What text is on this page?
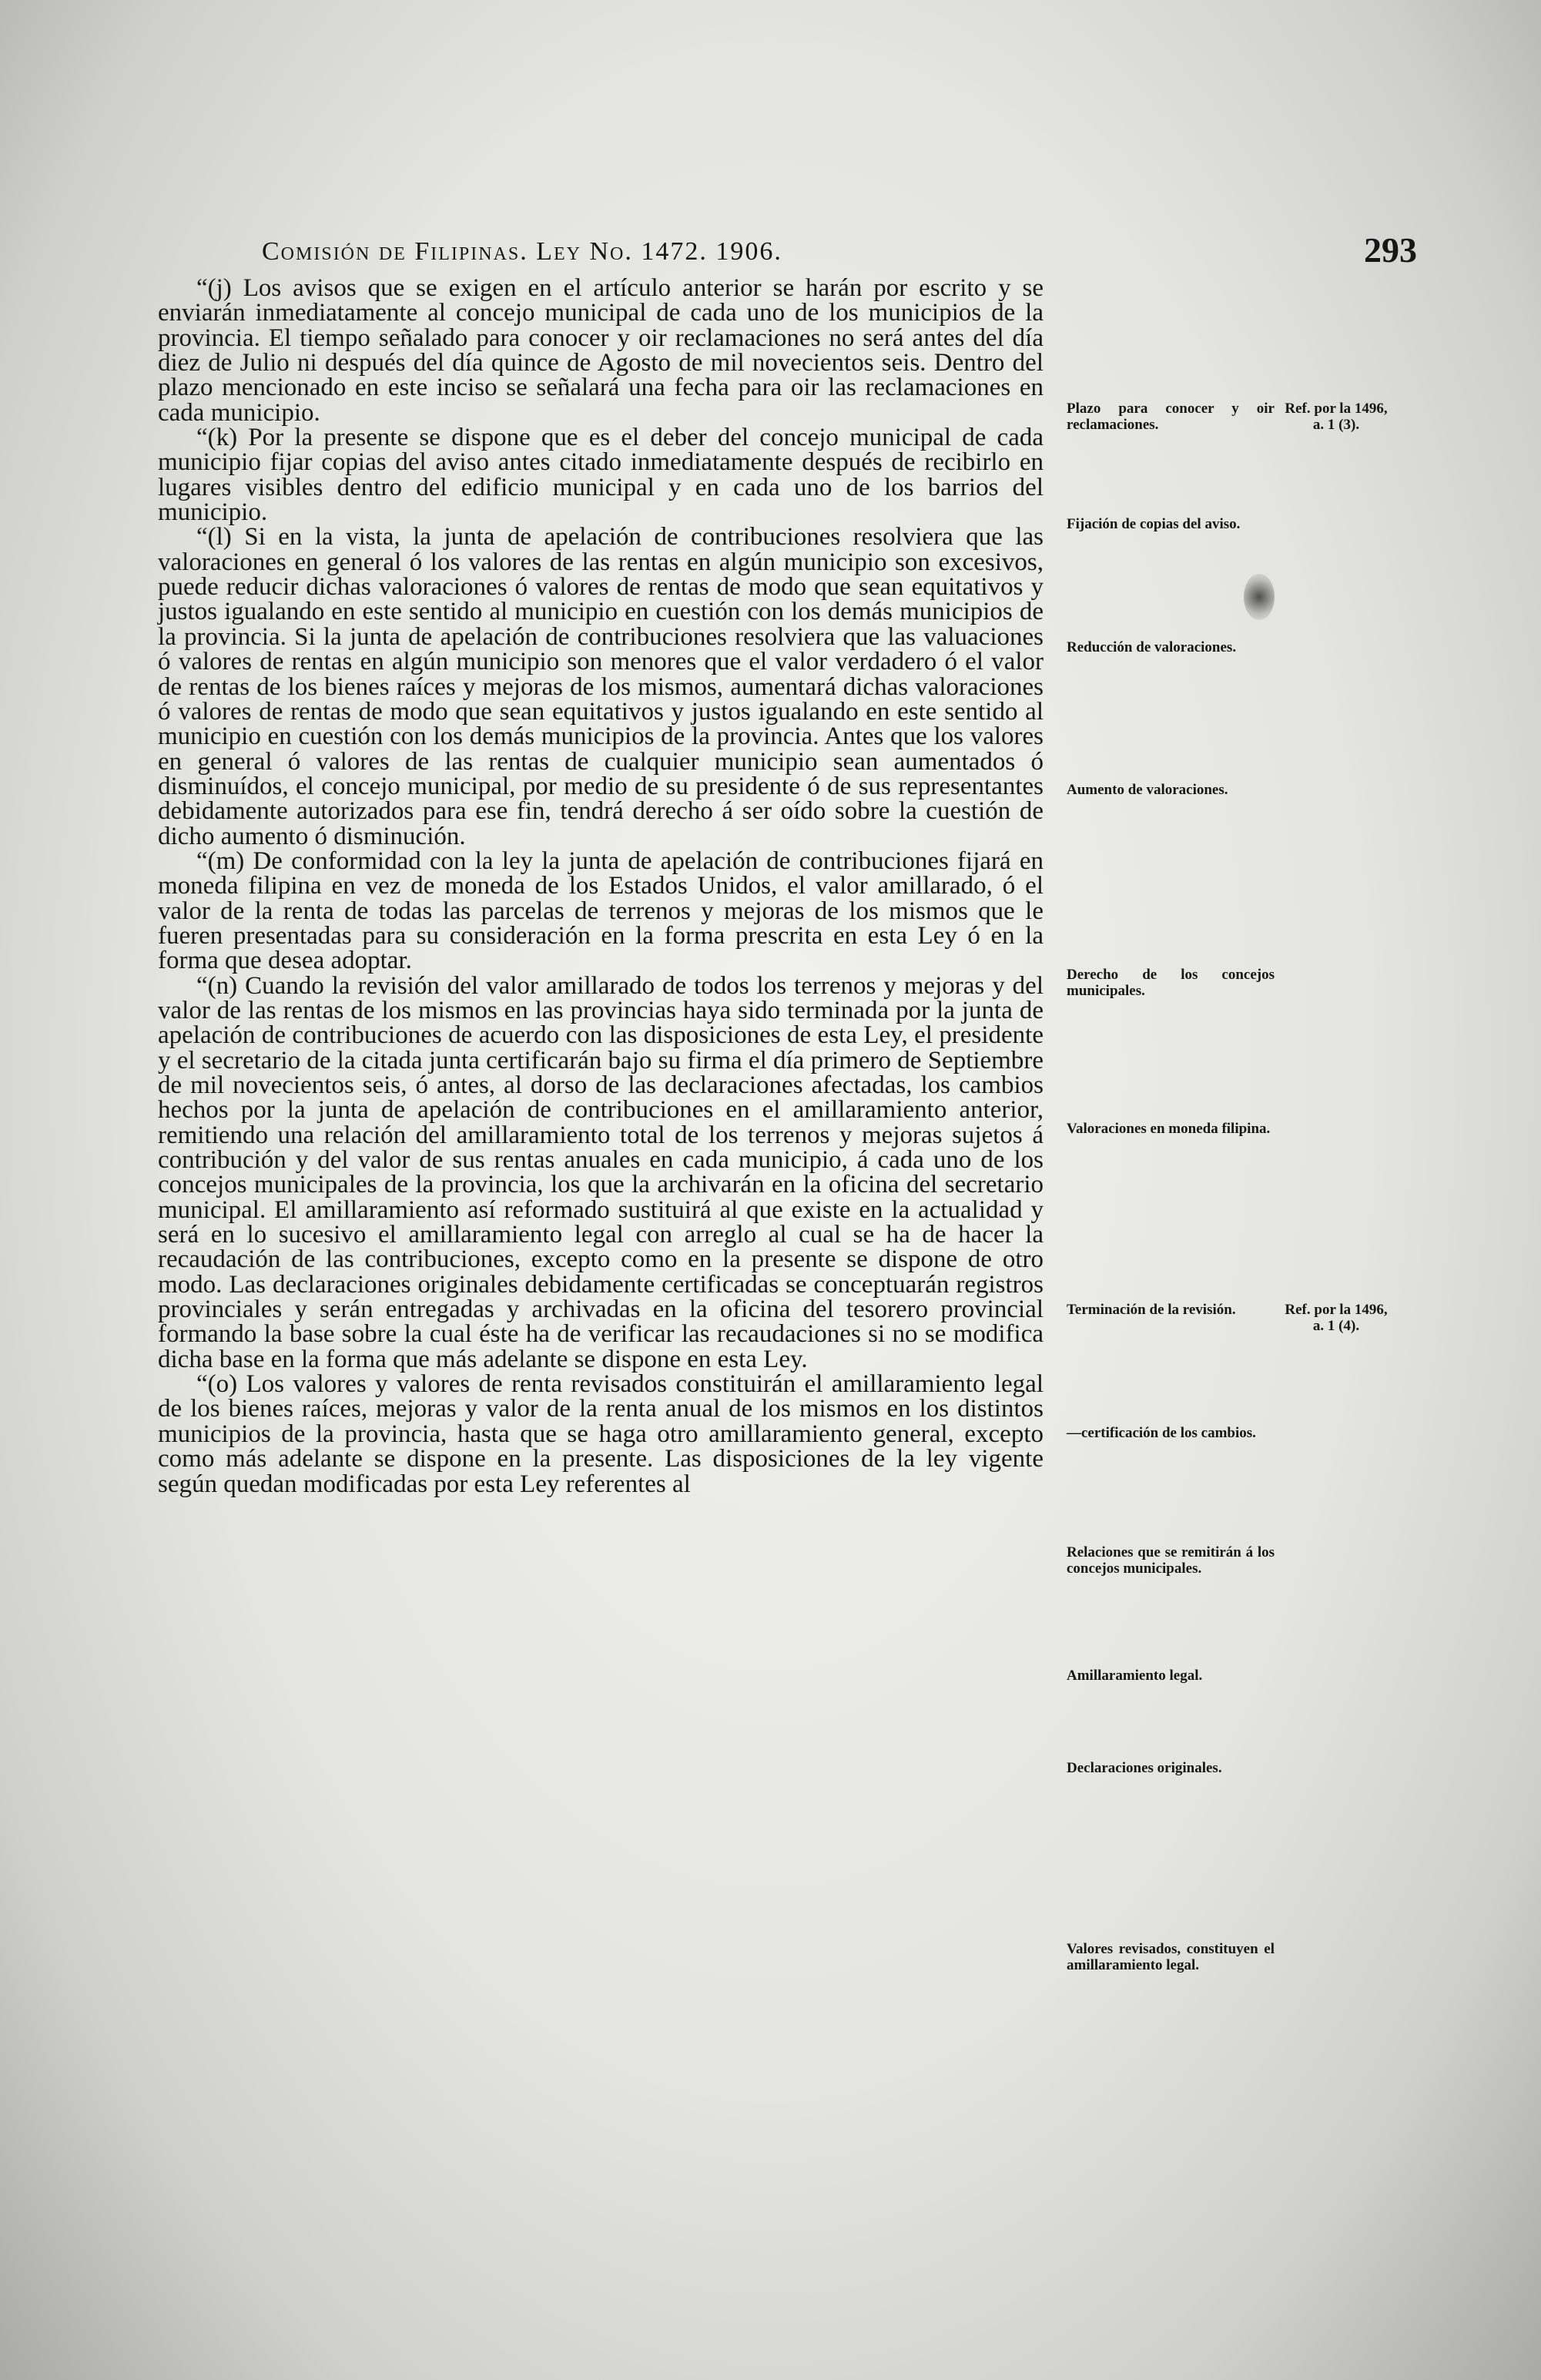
Comisión de Filipinas. Ley No. 1472. 1906.	293

“(j) Los avisos que se exigen en el artículo anterior se harán por escrito y se enviarán inmediatamente al concejo municipal de cada uno de los municipios de la provincia. El tiempo señalado para conocer y oir reclamaciones no será antes del día diez de Julio ni después del día quince de Agosto de mil novecientos seis. Dentro del plazo mencionado en este inciso se señalará una fecha para oir las reclamaciones en cada municipio.

“(k) Por la presente se dispone que es el deber del concejo municipal de cada municipio fijar copias del aviso antes citado inmediatamente después de recibirlo en lugares visibles dentro del edificio municipal y en cada uno de los barrios del municipio.

“(l) Si en la vista, la junta de apelación de contribuciones resolviera que las valoraciones en general ó los valores de las rentas en algún municipio son excesivos, puede reducir dichas valoraciones ó valores de rentas de modo que sean equitativos y justos igualando en este sentido al municipio en cuestión con los demás municipios de la provincia. Si la junta de apelación de contribuciones resolviera que las valuaciones ó valores de rentas en algún municipio son menores que el valor verdadero ó el valor de rentas de los bienes raíces y mejoras de los mismos, aumentará dichas valoraciones ó valores de rentas de modo que sean equitativos y justos igualando en este sentido al municipio en cuestión con los demás municipios de la provincia. Antes que los valores en general ó valores de las rentas de cualquier municipio sean aumentados ó disminuídos, el concejo municipal, por medio de su presidente ó de sus representantes debidamente autorizados para ese fin, tendrá derecho á ser oído sobre la cuestión de dicho aumento ó disminución.

“(m) De conformidad con la ley la junta de apelación de contribuciones fijará en moneda filipina en vez de moneda de los Estados Unidos, el valor amillarado, ó el valor de la renta de todas las parcelas de terrenos y mejoras de los mismos que le fueren presentadas para su consideración en la forma prescrita en esta Ley ó en la forma que desea adoptar.

“(n) Cuando la revisión del valor amillarado de todos los terrenos y mejoras y del valor de las rentas de los mismos en las provincias haya sido terminada por la junta de apelación de contribuciones de acuerdo con las disposiciones de esta Ley, el presidente y el secretario de la citada junta certificarán bajo su firma el día primero de Septiembre de mil novecientos seis, ó antes, al dorso de las declaraciones afectadas, los cambios hechos por la junta de apelación de contribuciones en el amillaramiento anterior, remitiendo una relación del amillaramiento total de los terrenos y mejoras sujetos á contribución y del valor de sus rentas anuales en cada municipio, á cada uno de los concejos municipales de la provincia, los que la archivarán en la oficina del secretario municipal. El amillaramiento así reformado sustituirá al que existe en la actualidad y será en lo sucesivo el amillaramiento legal con arreglo al cual se ha de hacer la recaudación de las contribuciones, excepto como en la presente se dispone de otro modo. Las declaraciones originales debidamente certificadas se conceptuarán registros provinciales y serán entregadas y archivadas en la oficina del tesorero provincial formando la base sobre la cual éste ha de verificar las recaudaciones si no se modifica dicha base en la forma que más adelante se dispone en esta Ley.

“(o) Los valores y valores de renta revisados constituirán el amillaramiento legal de los bienes raíces, mejoras y valor de la renta anual de los mismos en los distintos municipios de la provincia, hasta que se haga otro amillaramiento general, excepto como más adelante se dispone en la presente. Las disposiciones de la ley vigente según quedan modificadas por esta Ley referentes al

Plazo para conocer y oir reclamaciones.

Ref. por la 1496, a. 1 (3).

Fijación de copias del aviso.

Reducción de valoraciones.

Aumento de valoraciones.

Derecho de los concejos municipales.

Valoraciones en moneda filipina.

Terminación de la revisión.	Ref. por la 1496, a. 1 (4).

—certificación de los cambios.

Relaciones que se remitirán á los concejos municipales.

Amillaramiento legal.

Declaraciones originales.

Valores revisados, constituyen el amillaramiento legal.
